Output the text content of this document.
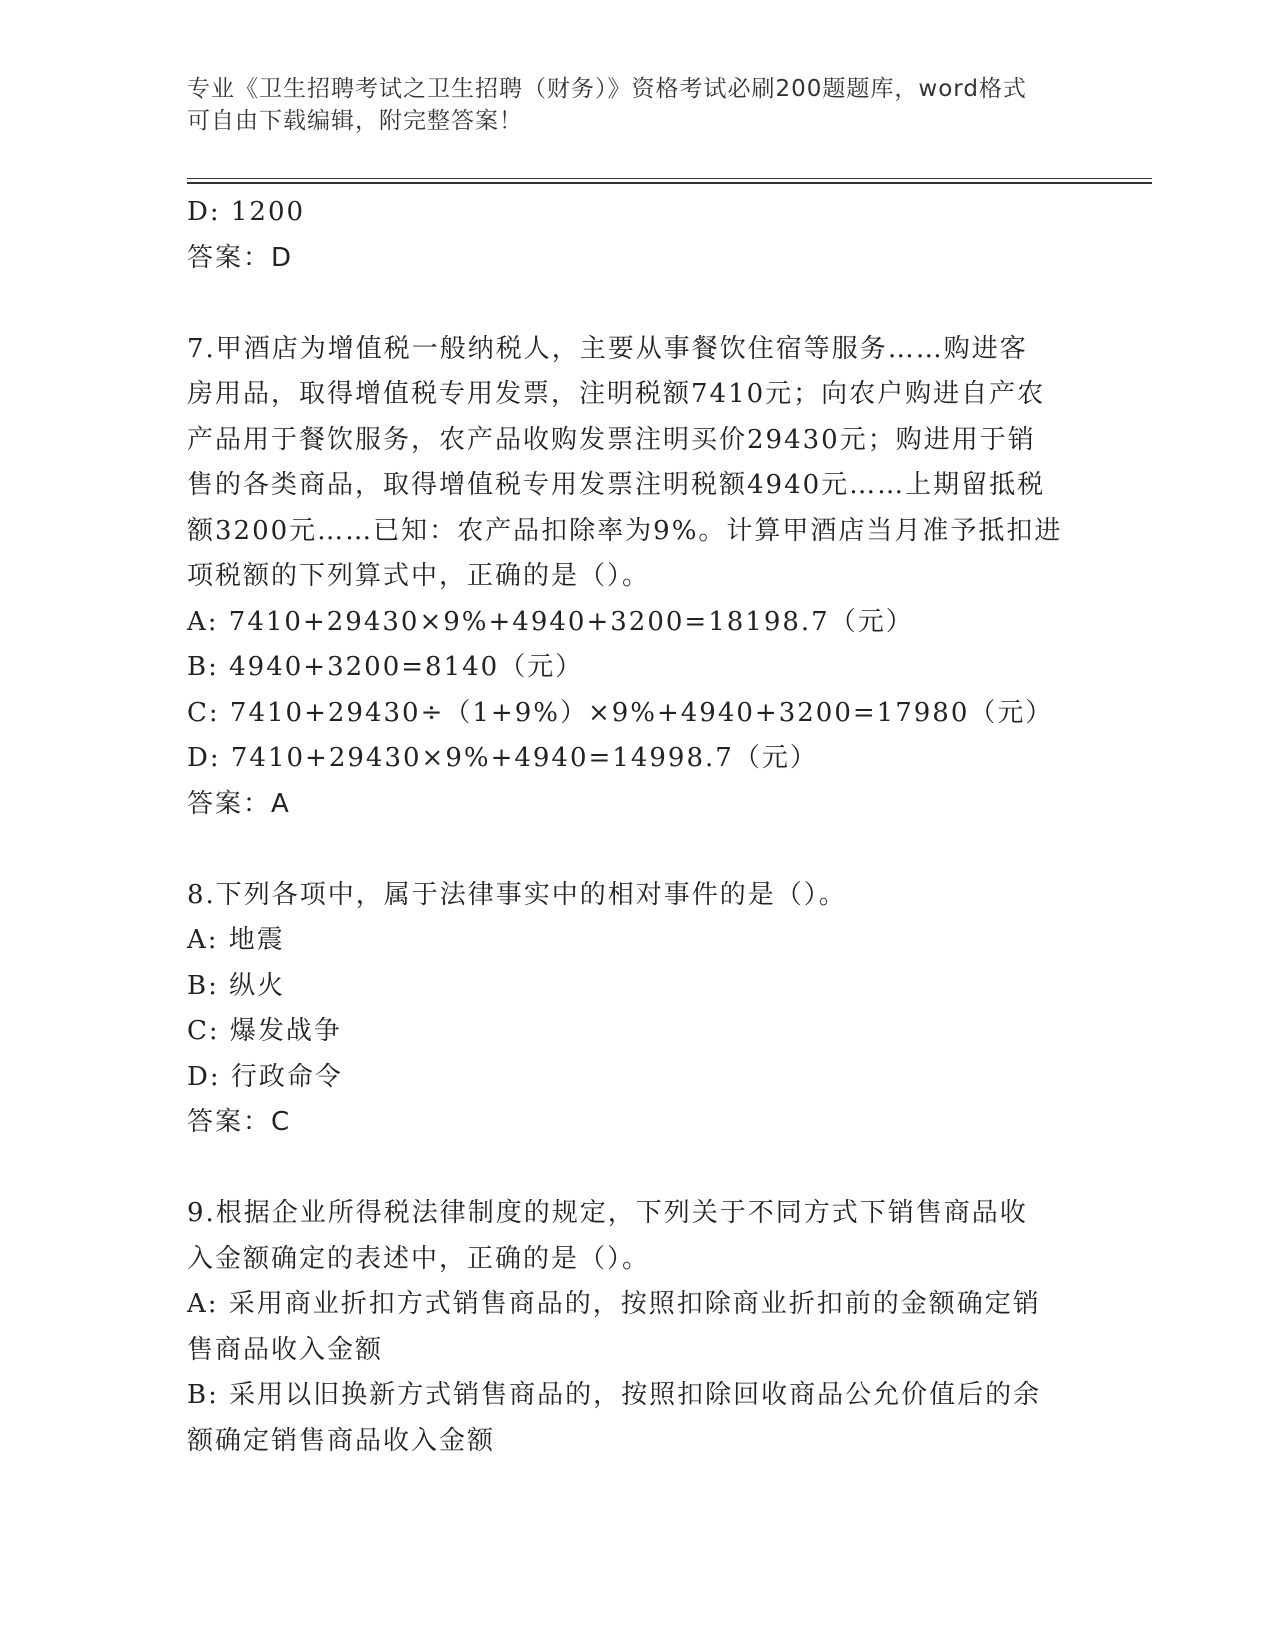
专业《卫生招聘考试之卫生招聘（财务）》资格考试必刷200题题库，word格式
可自由下载编辑，附完整答案！
D: 1200
答案：D
7.甲酒店为增值税一般纳税人，主要从事餐饮住宿等服务……购进客
房用品，取得增值税专用发票，注明税额7410元；向农户购进自产农
产品用于餐饮服务，农产品收购发票注明买价29430元；购进用于销
售的各类商品，取得增值税专用发票注明税额4940元……上期留抵税
额3200元……已知：农产品扣除率为9%。计算甲酒店当月准予抵扣进
项税额的下列算式中，正确的是（）。
A: 7410+29430×9%+4940+3200=18198.7（元）
B: 4940+3200=8140（元）
C: 7410+29430÷（1+9%）×9%+4940+3200=17980（元）
D: 7410+29430×9%+4940=14998.7（元）
答案：A
8.下列各项中，属于法律事实中的相对事件的是（）。
A: 地震
B: 纵火
C: 爆发战争
D: 行政命令
答案：C
9.根据企业所得税法律制度的规定，下列关于不同方式下销售商品收
入金额确定的表述中，正确的是（）。
A: 采用商业折扣方式销售商品的，按照扣除商业折扣前的金额确定销
售商品收入金额
B: 采用以旧换新方式销售商品的，按照扣除回收商品公允价值后的余
额确定销售商品收入金额
